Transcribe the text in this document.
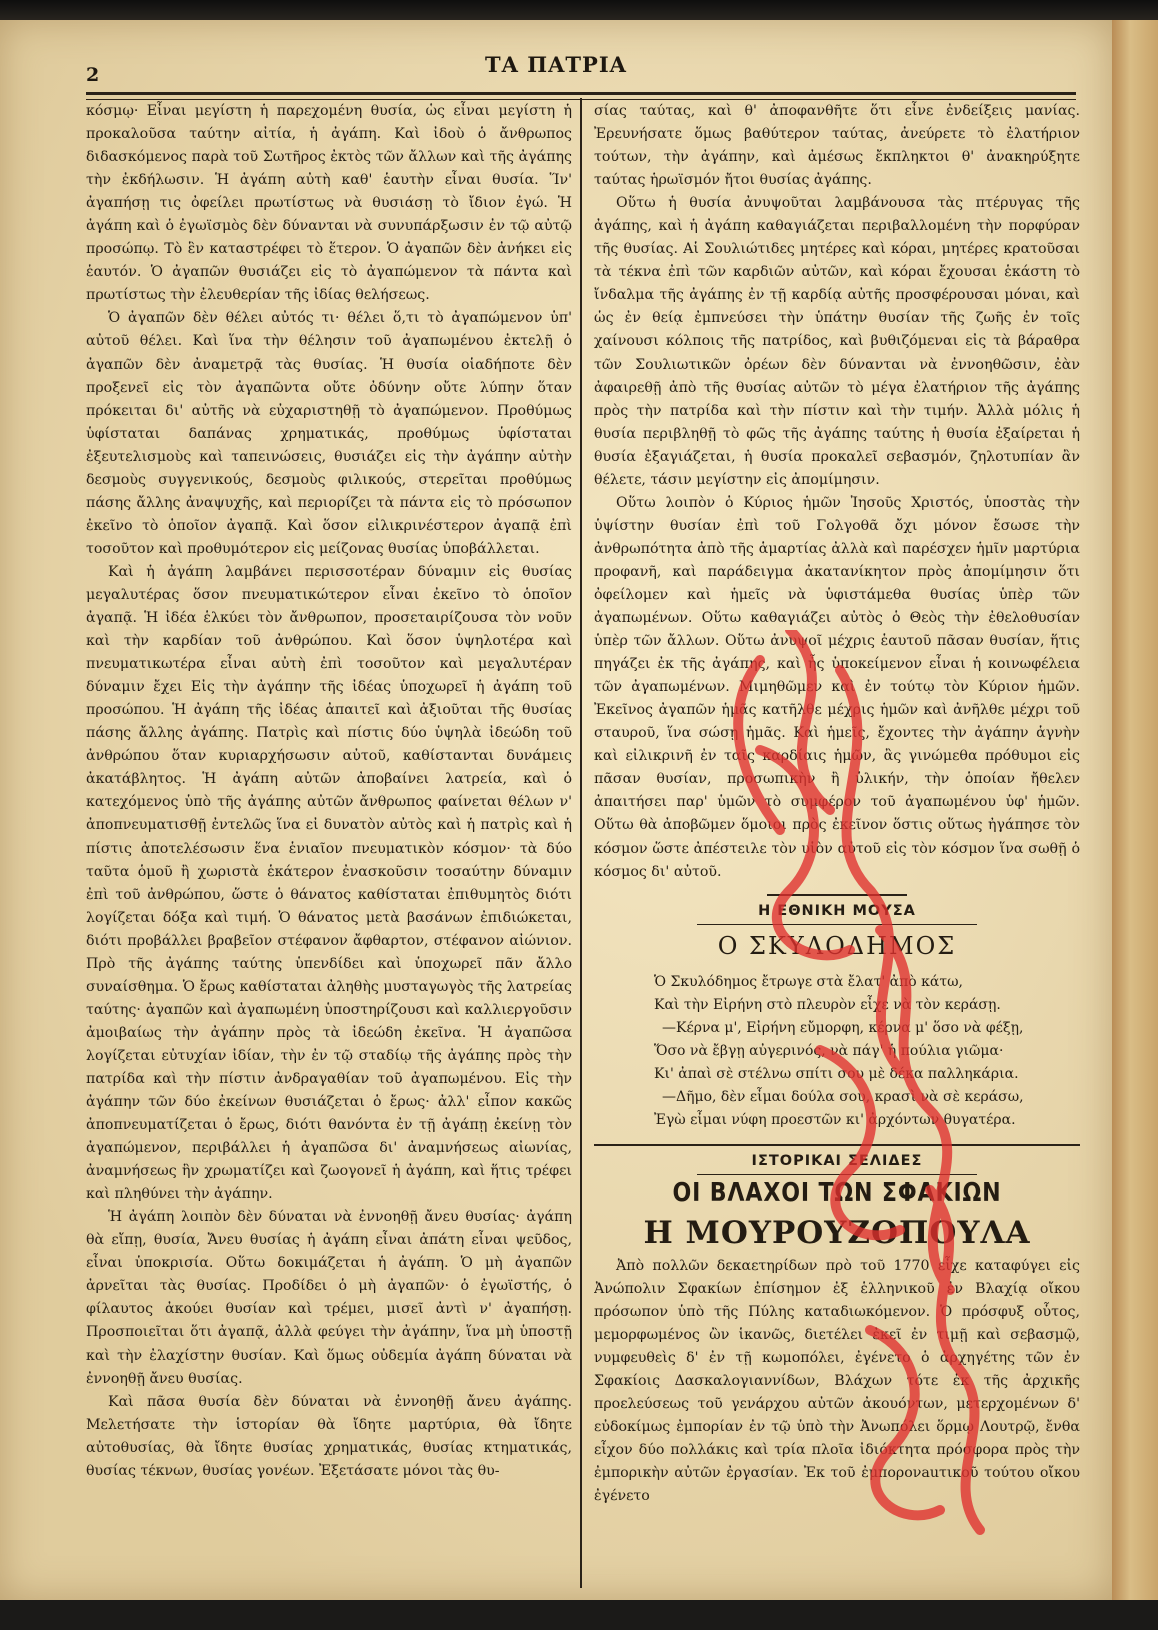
2	ΤΑ ΠΑΤΡΙΑ

κόσμῳ· Εἶναι μεγίστη ἡ παρεχομένη θυσία, ὡς εἶναι μεγίστη ἡ προκαλοῦσα ταύτην αἰτία, ἡ ἀγάπη. Καὶ ἰδοὺ ὁ ἄνθρωπος διδασκόμενος παρὰ τοῦ Σωτῆρος ἐκτὸς τῶν ἄλλων καὶ τῆς ἀγάπης τὴν ἐκδήλωσιν. Ἡ ἀγάπη αὐτὴ καθ' ἑαυτὴν εἶναι θυσία. Ἵν' ἀγαπήσῃ τις ὀφείλει πρωτίστως νὰ θυσιάσῃ τὸ ἴδιον ἐγώ. Ἡ ἀγάπη καὶ ὁ ἐγωϊσμὸς δὲν δύνανται νὰ συνυπάρξωσιν ἐν τῷ αὐτῷ προσώπῳ. Τὸ ἓν καταστρέφει τὸ ἕτερον. Ὁ ἀγαπῶν δὲν ἀνήκει εἰς ἑαυτόν. Ὁ ἀγαπῶν θυσιάζει εἰς τὸ ἀγαπώμενον τὰ πάντα καὶ πρωτίστως τὴν ἐλευθερίαν τῆς ἰδίας θελήσεως.

Ὁ ἀγαπῶν δὲν θέλει αὐτός τι· θέλει ὅ,τι τὸ ἀγαπώμενον ὑπ' αὐτοῦ θέλει. Καὶ ἵνα τὴν θέλησιν τοῦ ἀγαπωμένου ἐκτελῇ ὁ ἀγαπῶν δὲν ἀναμετρᾷ τὰς θυσίας. Ἡ θυσία οἱαδήποτε δὲν προξενεῖ εἰς τὸν ἀγαπῶντα οὔτε ὀδύνην οὔτε λύπην ὅταν πρόκειται δι' αὐτῆς νὰ εὐχαριστηθῇ τὸ ἀγαπώμενον. Προθύμως ὑφίσταται δαπάνας χρηματικάς, προθύμως ὑφίσταται ἐξευτελισμοὺς καὶ ταπεινώσεις, θυσιάζει εἰς τὴν ἀγάπην αὐτὴν δεσμοὺς συγγενικούς, δεσμοὺς φιλικούς, στερεῖται προθύμως πάσης ἄλλης ἀναψυχῆς, καὶ περιορίζει τὰ πάντα εἰς τὸ πρόσωπον ἐκεῖνο τὸ ὁποῖον ἀγαπᾷ. Καὶ ὅσον εἰλικρινέστερον ἀγαπᾷ ἐπὶ τοσοῦτον καὶ προθυμότερον εἰς μείζονας θυσίας ὑποβάλλεται.

Καὶ ἡ ἀγάπη λαμβάνει περισσοτέραν δύναμιν εἰς θυσίας μεγαλυτέρας ὅσον πνευματικώτερον εἶναι ἐκεῖνο τὸ ὁποῖον ἀγαπᾷ. Ἡ ἰδέα ἑλκύει τὸν ἄνθρωπον, προσεταιρίζουσα τὸν νοῦν καὶ τὴν καρδίαν τοῦ ἀνθρώπου. Καὶ ὅσον ὑψηλοτέρα καὶ πνευματικωτέρα εἶναι αὐτὴ ἐπὶ τοσοῦτον καὶ μεγαλυτέραν δύναμιν ἔχει Εἰς τὴν ἀγάπην τῆς ἰδέας ὑποχωρεῖ ἡ ἀγάπη τοῦ προσώπου. Ἡ ἀγάπη τῆς ἰδέας ἀπαιτεῖ καὶ ἀξιοῦται τῆς θυσίας πάσης ἄλλης ἀγάπης. Πατρὶς καὶ πίστις δύο ὑψηλὰ ἰδεώδη τοῦ ἀνθρώπου ὅταν κυριαρχήσωσιν αὐτοῦ, καθίστανται δυνάμεις ἀκατάβλητος. Ἡ ἀγάπη αὐτῶν ἀποβαίνει λατρεία, καὶ ὁ κατεχόμενος ὑπὸ τῆς ἀγάπης αὐτῶν ἄνθρωπος φαίνεται θέλων ν' ἀποπνευματισθῇ ἐντελῶς ἵνα εἰ δυνατὸν αὐτὸς καὶ ἡ πατρὶς καὶ ἡ πίστις ἀποτελέσωσιν ἕνα ἑνιαῖον πνευματικὸν κόσμον· τὰ δύο ταῦτα ὁμοῦ ἢ χωριστὰ ἑκάτερον ἐνασκοῦσιν τοσαύτην δύναμιν ἐπὶ τοῦ ἀνθρώπου, ὥστε ὁ θάνατος καθίσταται ἐπιθυμητὸς διότι λογίζεται δόξα καὶ τιμή. Ὁ θάνατος μετὰ βασάνων ἐπιδιώκεται, διότι προβάλλει βραβεῖον στέφανον ἄφθαρτον, στέφανον αἰώνιον. Πρὸ τῆς ἀγάπης ταύτης ὑπενδίδει καὶ ὑποχωρεῖ πᾶν ἄλλο συναίσθημα. Ὁ ἔρως καθίσταται ἀληθὴς μυσταγωγὸς τῆς λατρείας ταύτης· ἀγαπῶν καὶ ἀγαπωμένη ὑποστηρίζουσι καὶ καλλιεργοῦσιν ἀμοιβαίως τὴν ἀγάπην πρὸς τὰ ἰδεώδη ἐκεῖνα. Ἡ ἀγαπῶσα λογίζεται εὐτυχίαν ἰδίαν, τὴν ἐν τῷ σταδίῳ τῆς ἀγάπης πρὸς τὴν πατρίδα καὶ τὴν πίστιν ἀνδραγαθίαν τοῦ ἀγαπωμένου. Εἰς τὴν ἀγάπην τῶν δύο ἐκείνων θυσιάζεται ὁ ἔρως· ἀλλ' εἶπον κακῶς ἀποπνευματίζεται ὁ ἔρως, διότι θανόντα ἐν τῇ ἀγάπῃ ἐκείνῃ τὸν ἀγαπώμενον, περιβάλλει ἡ ἀγαπῶσα δι' ἀναμνήσεως αἰωνίας, ἀναμνήσεως ἣν χρωματίζει καὶ ζωογονεῖ ἡ ἀγάπη, καὶ ἥτις τρέφει καὶ πληθύνει τὴν ἀγάπην.

Ἡ ἀγάπη λοιπὸν δὲν δύναται νὰ ἐννοηθῇ ἄνευ θυσίας· ἀγάπη θὰ εἴπῃ, θυσία, Ἄνευ θυσίας ἡ ἀγάπη εἶναι ἀπάτη εἶναι ψεῦδος, εἶναι ὑποκρισία. Οὕτω δοκιμάζεται ἡ ἀγάπη. Ὁ μὴ ἀγαπῶν ἀρνεῖται τὰς θυσίας. Προδίδει ὁ μὴ ἀγαπῶν· ὁ ἐγωϊστής, ὁ φίλαυτος ἀκούει θυσίαν καὶ τρέμει, μισεῖ ἀντὶ ν' ἀγαπήσῃ. Προσποιεῖται ὅτι ἀγαπᾷ, ἀλλὰ φεύγει τὴν ἀγάπην, ἵνα μὴ ὑποστῇ καὶ τὴν ἐλαχίστην θυσίαν. Καὶ ὅμως οὐδεμία ἀγάπη δύναται νὰ ἐννοηθῇ ἄνευ θυσίας.

Καὶ πᾶσα θυσία δὲν δύναται νὰ ἐννοηθῇ ἄνευ ἀγάπης. Μελετήσατε τὴν ἱστορίαν θὰ ἴδητε μαρτύρια, θὰ ἴδητε αὐτοθυσίας, θὰ ἴδητε θυσίας χρηματικάς, θυσίας κτηματικάς, θυσίας τέκνων, θυσίας γονέων. Ἐξετάσατε μόνοι τὰς θυ-

σίας ταύτας, καὶ θ' ἀποφανθῆτε ὅτι εἶνε ἐνδείξεις μανίας. Ἐρευνήσατε ὅμως βαθύτερον ταύτας, ἀνεύρετε τὸ ἐλατήριον τούτων, τὴν ἀγάπην, καὶ ἀμέσως ἔκπληκτοι θ' ἀνακηρύξητε ταύτας ἡρωϊσμόν ἤτοι θυσίας ἀγάπης.

Οὕτω ἡ θυσία ἀνυψοῦται λαμβάνουσα τὰς πτέρυγας τῆς ἀγάπης, καὶ ἡ ἀγάπη καθαγιάζεται περιβαλλομένη τὴν πορφύραν τῆς θυσίας. Αἱ Σουλιώτιδες μητέρες καὶ κόραι, μητέρες κρατοῦσαι τὰ τέκνα ἐπὶ τῶν καρδιῶν αὐτῶν, καὶ κόραι ἔχουσαι ἑκάστη τὸ ἴνδαλμα τῆς ἀγάπης ἐν τῇ καρδίᾳ αὐτῆς προσφέρουσαι μόναι, καὶ ὡς ἐν θείᾳ ἐμπνεύσει τὴν ὑπάτην θυσίαν τῆς ζωῆς ἐν τοῖς χαίνουσι κόλποις τῆς πατρίδος, καὶ βυθιζόμεναι εἰς τὰ βάραθρα τῶν Σουλιωτικῶν ὀρέων δὲν δύνανται νὰ ἐννοηθῶσιν, ἐὰν ἀφαιρεθῇ ἀπὸ τῆς θυσίας αὐτῶν τὸ μέγα ἐλατήριον τῆς ἀγάπης πρὸς τὴν πατρίδα καὶ τὴν πίστιν καὶ τὴν τιμήν. Ἀλλὰ μόλις ἡ θυσία περιβληθῇ τὸ φῶς τῆς ἀγάπης ταύτης ἡ θυσία ἐξαίρεται ἡ θυσία ἐξαγιάζεται, ἡ θυσία προκαλεῖ σεβασμόν, ζηλοτυπίαν ἂν θέλετε, τάσιν μεγίστην εἰς ἀπομίμησιν.

Οὕτω λοιπὸν ὁ Κύριος ἡμῶν Ἰησοῦς Χριστός, ὑποστὰς τὴν ὑψίστην θυσίαν ἐπὶ τοῦ Γολγοθᾶ ὄχι μόνον ἔσωσε τὴν ἀνθρωπότητα ἀπὸ τῆς ἁμαρτίας ἀλλὰ καὶ παρέσχεν ἡμῖν μαρτύρια προφανῆ, καὶ παράδειγμα ἀκατανίκητον πρὸς ἀπομίμησιν ὅτι ὀφείλομεν καὶ ἡμεῖς νὰ ὑφιστάμεθα θυσίας ὑπὲρ τῶν ἀγαπωμένων. Οὕτω καθαγιάζει αὐτὸς ὁ Θεὸς τὴν ἐθελοθυσίαν ὑπὲρ τῶν ἄλλων. Οὕτω ἀνυψοῖ μέχρις ἑαυτοῦ πᾶσαν θυσίαν, ἥτις πηγάζει ἐκ τῆς ἀγάπης, καὶ ἧς ὑποκείμενον εἶναι ἡ κοινωφέλεια τῶν ἀγαπωμένων. Μιμηθῶμεν καὶ ἐν τούτῳ τὸν Κύριον ἡμῶν. Ἐκεῖνος ἀγαπῶν ἡμᾶς κατῆλθε μέχρις ἡμῶν καὶ ἀνῆλθε μέχρι τοῦ σταυροῦ, ἵνα σώσῃ ἡμᾶς. Καὶ ἡμεῖς, ἔχοντες τὴν ἀγάπην ἁγνὴν καὶ εἰλικρινῆ ἐν ταῖς καρδίαις ἡμῶν, ἂς γινώμεθα πρόθυμοι εἰς πᾶσαν θυσίαν, προσωπικὴν ἢ ὑλικήν, τὴν ὁποίαν ἤθελεν ἀπαιτήσει παρ' ὑμῶν τὸ συμφέρον τοῦ ἀγαπωμένου ὑφ' ἡμῶν. Οὕτω θὰ ἀποβῶμεν ὅμοιοι πρὸς ἐκεῖνον ὅστις οὕτως ἠγάπησε τὸν κόσμον ὥστε ἀπέστειλε τὸν υἱὸν αὐτοῦ εἰς τὸν κόσμον ἵνα σωθῇ ὁ κόσμος δι' αὐτοῦ.

Η ΕΘΝΙΚΗ ΜΟΥΣΑ
Ο ΣΚΥΛΟΔΗΜΟΣ
Ὁ Σκυλόδημος ἔτρωγε στὰ ἔλατ' ἀπὸ κάτω,
Καὶ τὴν Εἰρήνη στὸ πλευρὸν εἶχε νὰ τὸν κεράσῃ.
—Κέρνα μ', Εἰρήνη εὔμορφη, κέρνα μ' ὅσο νὰ φέξῃ,
Ὅσο νὰ ἔβγῃ αὐγερινός, νὰ πάγ' ἡ πούλια γιῶμα·
Κι' ἀπαὶ σὲ στέλνω σπίτι σου μὲ δέκα παλληκάρια.
—Δῆμο, δὲν εἶμαι δούλα σου, κρασὶ νὰ σὲ κεράσω,
Ἐγὼ εἶμαι νύφη προεστῶν κι' ἀρχόντων θυγατέρα.
ΙΣΤΟΡΙΚΑΙ ΣΕΛΙΔΕΣ
ΟΙ ΒΛΑΧΟΙ ΤΩΝ ΣΦΑΚΙΩΝ
Η ΜΟΥΡΟΥΖΟΠΟΥΛΑ

Ἀπὸ πολλῶν δεκαετηρίδων πρὸ τοῦ 1770 εἶχε καταφύγει εἰς Ἀνώπολιν Σφακίων ἐπίσημον ἐξ ἑλληνικοῦ ἐν Βλαχίᾳ οἴκου πρόσωπον ὑπὸ τῆς Πύλης καταδιωκόμενον. Ὁ πρόσφυξ οὗτος, μεμορφωμένος ὢν ἱκανῶς, διετέλει ἐκεῖ ἐν τιμῇ καὶ σεβασμῷ, νυμφευθεὶς δ' ἐν τῇ κωμοπόλει, ἐγένετο ὁ ἀρχηγέτης τῶν ἐν Σφακίοις Δασκαλογιαννίδων, Βλάχων τότε ἐκ τῆς ἀρχικῆς προελεύσεως τοῦ γενάρχου αὐτῶν ἀκουόντων, μετερχομένων δ' εὐδοκίμως ἐμπορίαν ἐν τῷ ὑπὸ τὴν Ἀνωπόλει ὅρμῳ Λουτρῷ, ἔνθα εἶχον δύο πολλάκις καὶ τρία πλοῖα ἰδιόκτητα πρόσφορα πρὸς τὴν ἐμπορικὴν αὐτῶν ἐργασίαν. Ἐκ τοῦ ἐμπορονauτικοῦ τούτου οἴκου ἐγένετο
